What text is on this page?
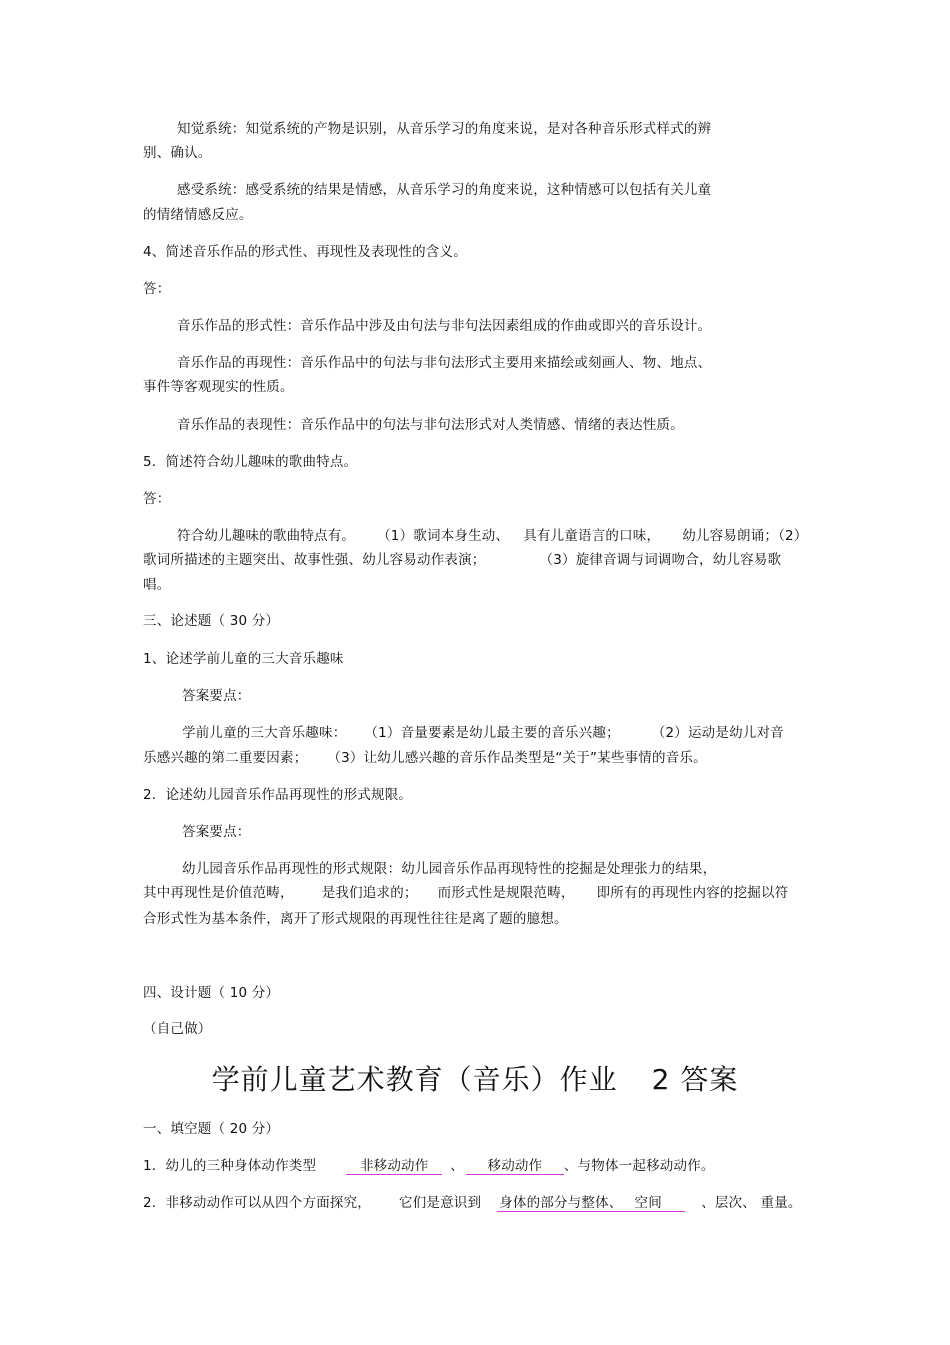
知觉系统：知觉系统的产物是识别，从音乐学习的角度来说，是对各种音乐形式样式的辨
别、确认。
感受系统：感受系统的结果是情感，从音乐学习的角度来说，这种情感可以包括有关儿童
的情绪情感反应。
4、简述音乐作品的形式性、再现性及表现性的含义。
答：
音乐作品的形式性：音乐作品中涉及由句法与非句法因素组成的作曲或即兴的音乐设计。
音乐作品的再现性：音乐作品中的句法与非句法形式主要用来描绘或刻画人、物、地点、
事件等客观现实的性质。
音乐作品的表现性：音乐作品中的句法与非句法形式对人类情感、情绪的表达性质。
5．简述符合幼儿趣味的歌曲特点。
答：
符合幼儿趣味的歌曲特点有。 （1）歌词本身生动、 具有儿童语言的口味， 幼儿容易朗诵；（2）
歌词所描述的主题突出、故事性强、幼儿容易动作表演；	（3）旋律音调与词调吻合，幼儿容易歌
唱。
三、论述题（ 30 分）
1、论述学前儿童的三大音乐趣味
答案要点：
学前儿童的三大音乐趣味： （1）音量要素是幼儿最主要的音乐兴趣； （2）运动是幼儿对音
乐感兴趣的第二重要因素； （3）让幼儿感兴趣的音乐作品类型是“关于”某些事情的音乐。
2．论述幼儿园音乐作品再现性的形式规限。
答案要点：
幼儿园音乐作品再现性的形式规限：幼儿园音乐作品再现特性的挖掘是处理张力的结果，
其中再现性是价值范畴， 是我们追求的； 而形式性是规限范畴， 即所有的再现性内容的挖掘以符
合形式性为基本条件，离开了形式规限的再现性往往是离了题的臆想。
四、设计题（ 10 分）
（自己做）
学前儿童艺术教育（音乐）作业 2 答案
一、填空题（ 20 分）
1．幼儿的三种身体动作类型	非移动动作 、 移动动作 、与物体一起移动动作。
2．非移动动作可以从四个方面探究， 它们是意识到 身体的部分与整体、 空间	、层次、 重量。
